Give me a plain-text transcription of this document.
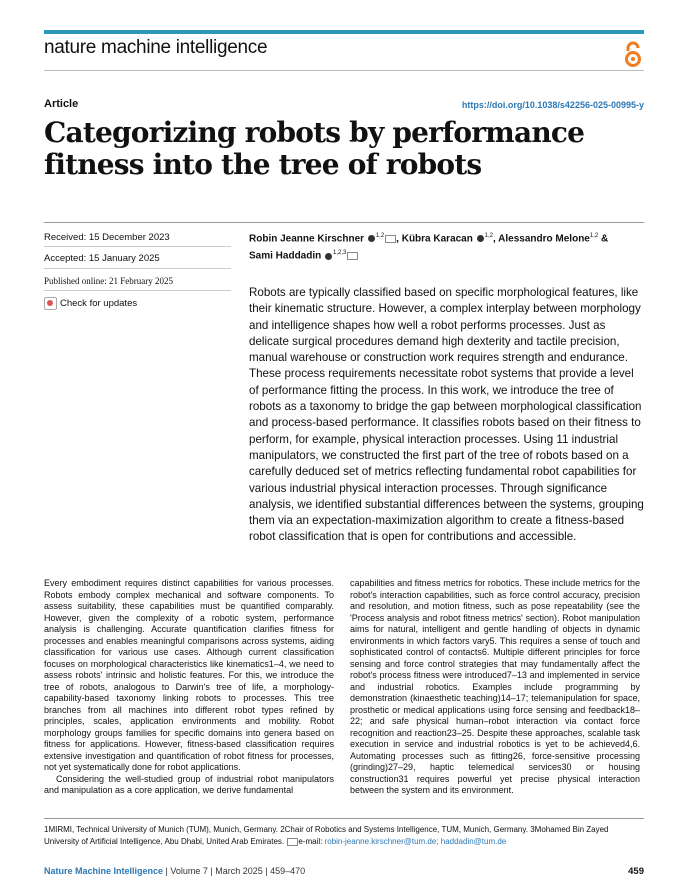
nature machine intelligence
Article	https://doi.org/10.1038/s42256-025-00995-y
Categorizing robots by performance fitness into the tree of robots
Received: 15 December 2023
Accepted: 15 January 2025
Published online: 21 February 2025
Check for updates
Robin Jeanne Kirschner $^{1,2}$ , Kübra Karacan $^{1,2}$, Alessandro Melone$^{1,2}$ &
Sami Haddadin $^{1,2,3}$
Robots are typically classified based on specific morphological features, like their kinematic structure. However, a complex interplay between morphology and intelligence shapes how well a robot performs processes. Just as delicate surgical procedures demand high dexterity and tactile precision, manual warehouse or construction work requires strength and endurance. These process requirements necessitate robot systems that provide a level of performance fitting the process. In this work, we introduce the tree of robots as a taxonomy to bridge the gap between morphological classification and process-based performance. It classifies robots based on their fitness to perform, for example, physical interaction processes. Using 11 industrial manipulators, we constructed the first part of the tree of robots based on a carefully deduced set of metrics reflecting fundamental robot capabilities for various industrial physical interaction processes. Through significance analysis, we identified substantial differences between the systems, grouping them via an expectation-maximization algorithm to create a fitness-based robot classification that is open for contributions and accessible.

Every embodiment requires distinct capabilities for various processes. Robots embody complex mechanical and software components. To assess suitability, these capabilities must be quantified comparably. However, given the complexity of a robotic system, performance analysis is challenging. Accurate quantification clarifies fitness for processes and enables meaningful comparisons across systems, aiding classification for various use cases. Although current classification focuses on morphological characteristics like kinematics1–4, we need to assess robots' intrinsic and holistic features. For this, we introduce the tree of robots, analogous to Darwin's tree of life, a morphology-capability-based taxonomy linking robots to processes. This tree branches from all machines into different robot types refined by principles, scales, application environments and mobility. Robot morphology groups families for specific domains into genera based on fitness for applications. However, fitness-based classification requires extensive investigation and quantification of robot fitness for processes, not yet systematically done for robot applications.

Considering the well-studied group of industrial robot manipulators and manipulation as a core application, we derive fundamental

capabilities and fitness metrics for robotics. These include metrics for the robot's interaction capabilities, such as force control accuracy, precision and resolution, and motion fitness, such as pose repeatability (see the 'Process analysis and robot fitness metrics' section). Robot manipulation aims for natural, intelligent and gentle handling of objects in dynamic environments in which factors vary5. This requires a sense of touch and sophisticated control of contacts6. Multiple different principles for force sensing and force control strategies that may fundamentally affect the robot's process fitness were introduced7–13 and implemented in service and industrial robotics. Examples include programming by demonstration (kinaesthetic teaching)14–17; telemanipulation for space, prosthetic or medical applications using force sensing and feedback18–22; and safe physical human–robot interaction via contact force recognition and reaction23–25. Despite these approaches, scalable task execution in service and industrial robotics is yet to be achieved4,6. Automating processes such as fitting26, force-sensitive processing (grinding)27–29, haptic telemedical services30 or housing construction31 requires powerful yet precise physical interaction between the system and its environment.

1MIRMI, Technical University of Munich (TUM), Munich, Germany. 2Chair of Robotics and Systems Intelligence, TUM, Munich, Germany. 3Mohamed Bin Zayed University of Artificial Intelligence, Abu Dhabi, United Arab Emirates. e-mail: robin-jeanne.kirschner@tum.de; haddadin@tum.de
Nature Machine Intelligence | Volume 7 | March 2025 | 459–470	459
